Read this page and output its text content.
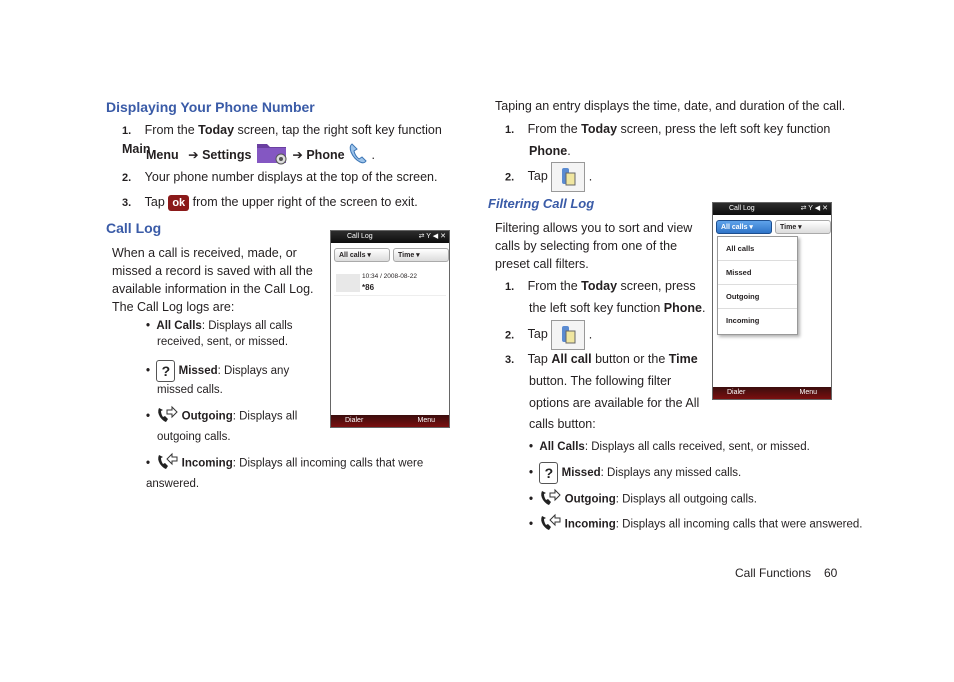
Displaying Your Phone Number
1. From the Today screen, tap the right soft key function Main
Menu ➔ Settings	➔ Phone .
2. Your phone number displays at the top of the screen.
3. Tap ok from the upper right of the screen to exit.
Call Log
When a call is received, made, or
missed a record is saved with all the
available information in the Call Log.
The Call Log logs are:
• All Calls: Displays all calls
received, sent, or missed.
• ? Missed: Displays any
missed calls.
•	Outgoing: Displays all
outgoing calls.
•	Incoming: Displays all incoming calls that were answered.
Call Log	⇄ Y ◀ ✕
All calls ▾	Time ▾
10:34 / 2008-08-22
*86
Dialer	Menu
Taping an entry displays the time, date, and duration of the call.
1. From the Today screen, press the left soft key function
Phone.
2. Tap	.
Filtering Call Log
Filtering allows you to sort and view
calls by selecting from one of the
preset call filters.
1. From the Today screen, press
the left soft key function Phone.
2. Tap	.
3. Tap All call button or the Time
button. The following filter
options are available for the All
calls button:
• All Calls: Displays all calls received, sent, or missed.
• ? Missed: Displays any missed calls.
•	Outgoing: Displays all outgoing calls.
•	Incoming: Displays all incoming calls that were answered.
Call Log	⇄ Y ◀ ✕
All calls ▾	Time ▾
All calls
Missed
Outgoing
Incoming
Dialer	Menu
Call Functions 60
